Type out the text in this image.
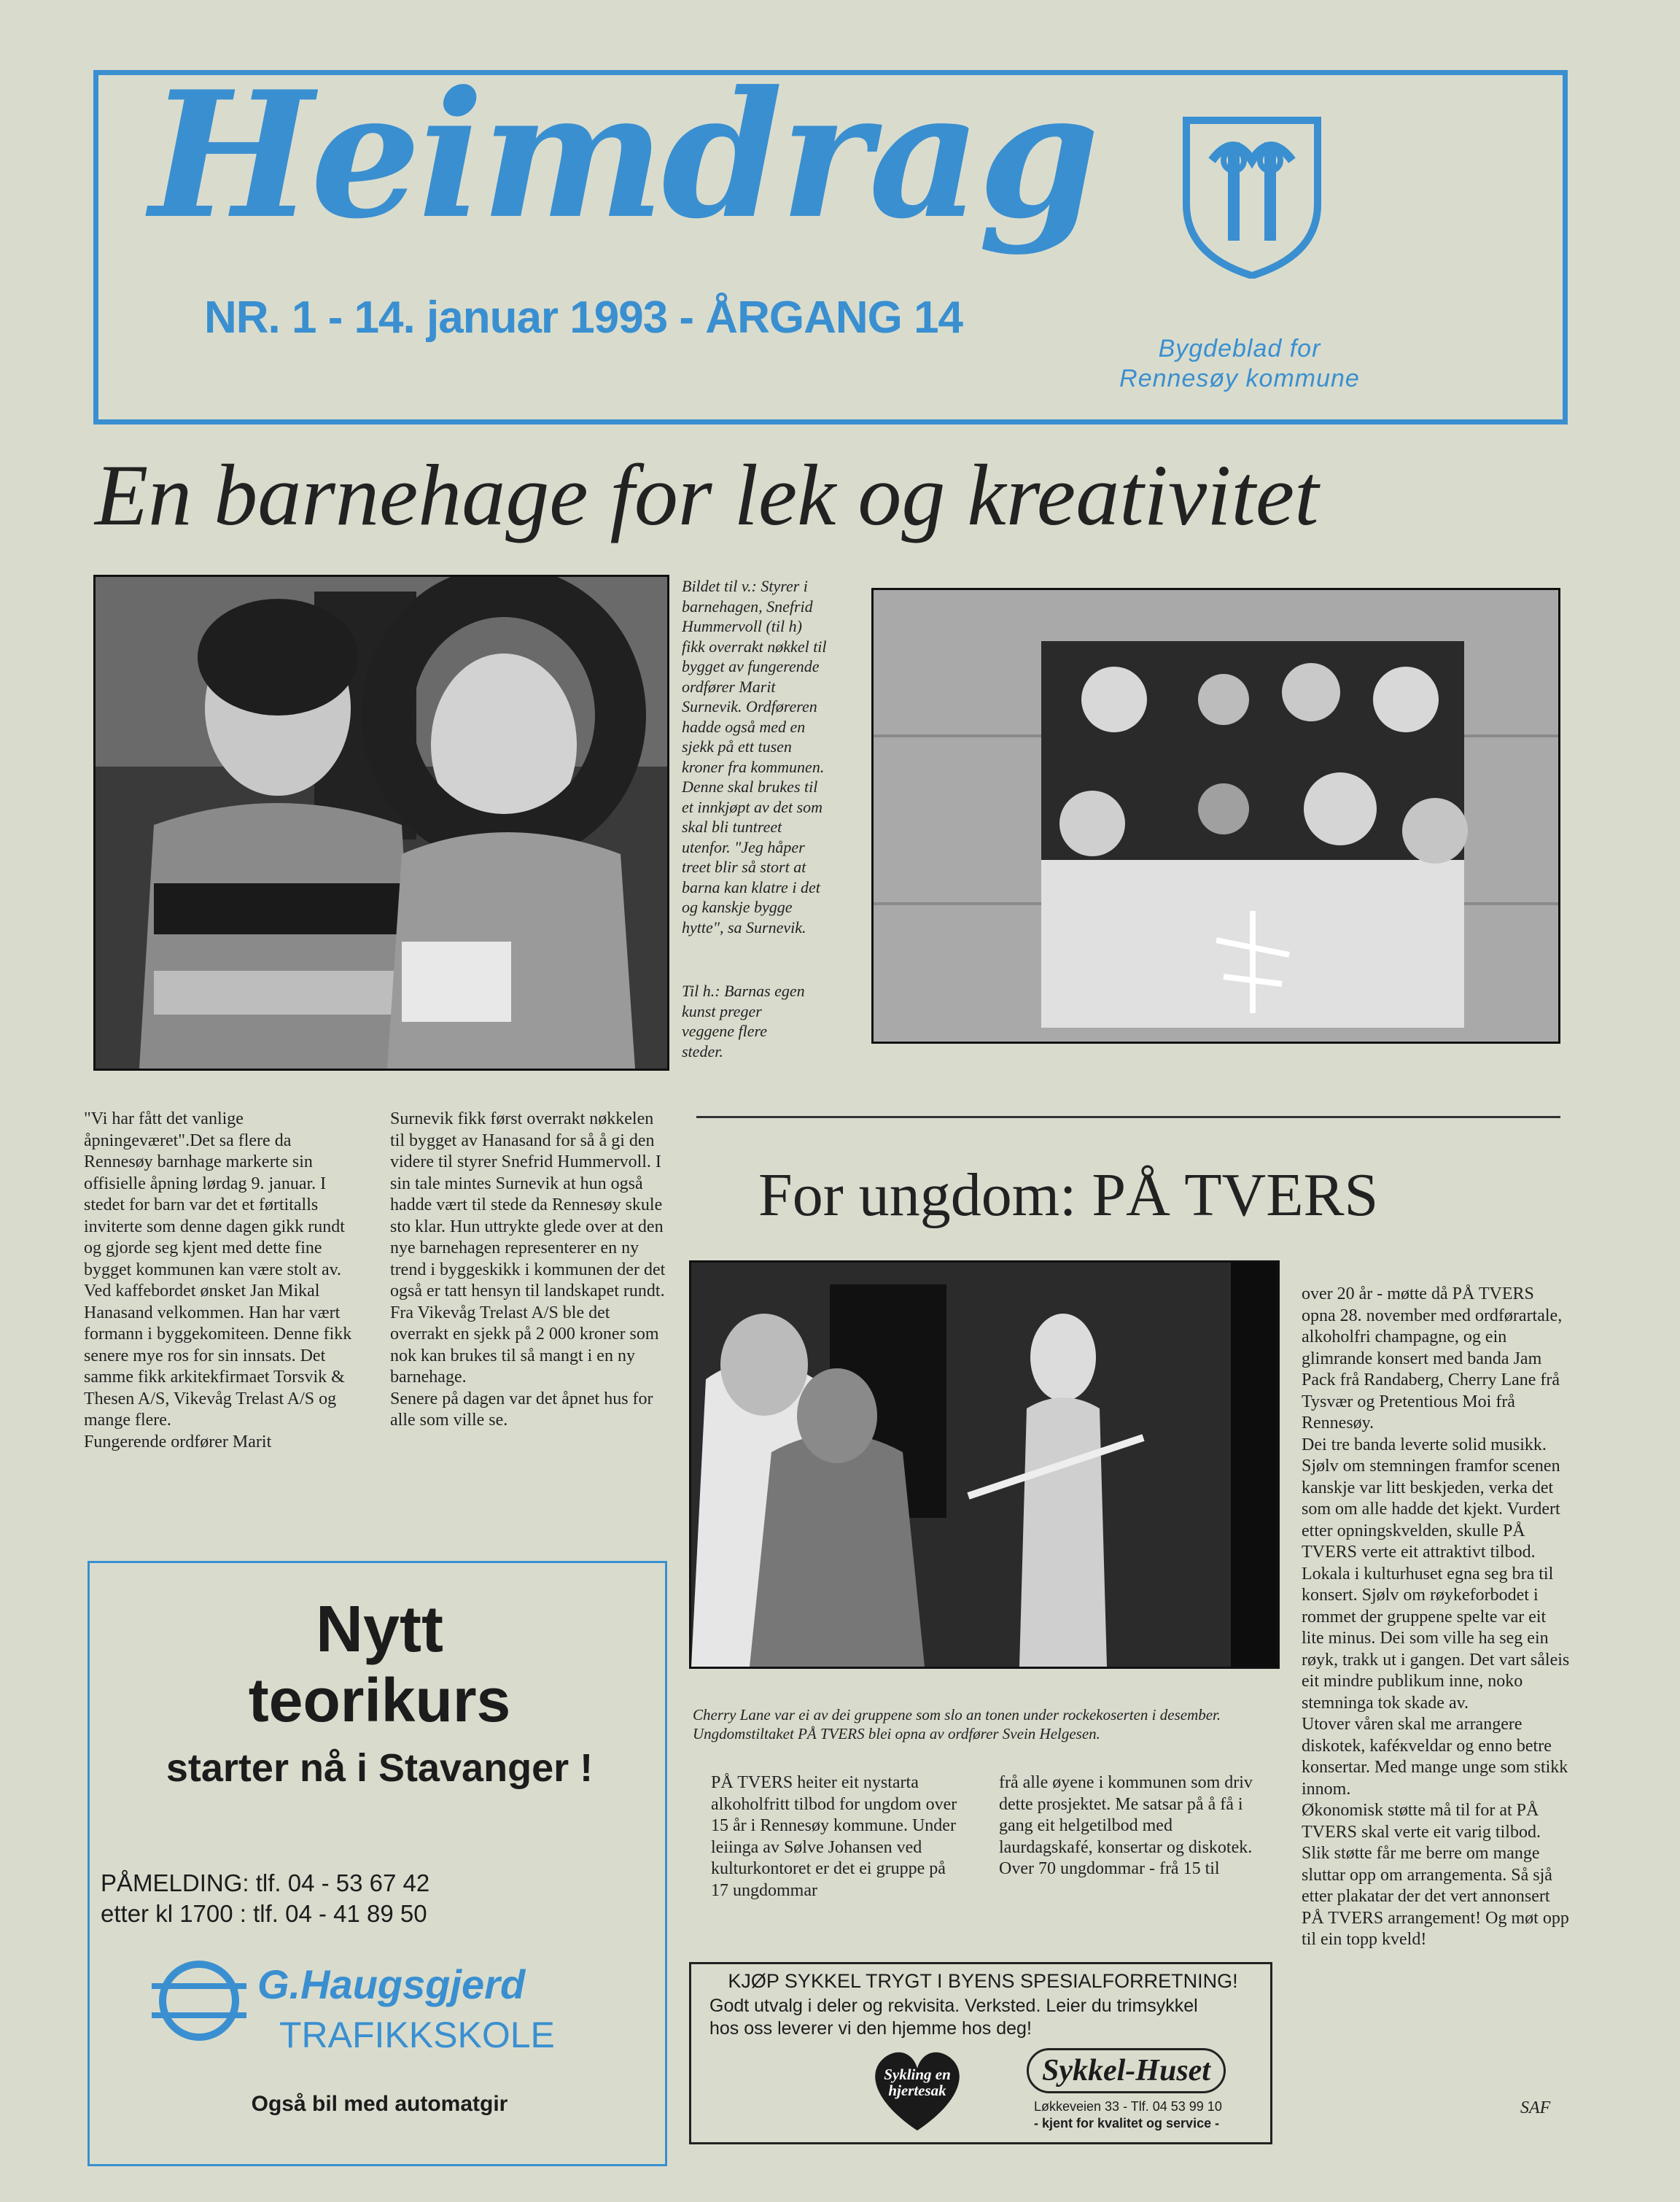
Heimdrag
NR. 1 - 14. januar 1993 - ÅRGANG 14
Bygdeblad for
Rennesøy kommune
En barnehage for lek og kreativitet
Bildet til v.: Styrer i barnehagen, Snefrid Hummervoll (til h) fikk overrakt nøkkel til bygget av fungerende ordfører Marit Surnevik. Ordføreren hadde også med en sjekk på ett tusen kroner fra kommunen. Denne skal brukes til et innkjøpt av det som skal bli tuntreet utenfor. "Jeg håper treet blir så stort at barna kan klatre i det og kanskje bygge hytte", sa Surnevik.
Til h.: Barnas egen kunst preger veggene flere steder.
"Vi har fått det vanlige åpningeværet".Det sa flere da Rennesøy barnhage markerte sin offisielle åpning lørdag 9. januar. I stedet for barn var det et førtitalls inviterte som denne dagen gikk rundt og gjorde seg kjent med dette fine bygget kommunen kan være stolt av.
Ved kaffebordet ønsket Jan Mikal Hanasand velkommen. Han har vært formann i byggekomiteen. Denne fikk senere mye ros for sin innsats. Det samme fikk arkitekfirmaet Torsvik & Thesen A/S, Vikevåg Trelast A/S og mange flere.
Fungerende ordfører Marit
Surnevik fikk først overrakt nøkkelen til bygget av Hanasand for så å gi den videre til styrer Snefrid Hummervoll. I sin tale mintes Surnevik at hun også hadde vært til stede da Rennesøy skule sto klar. Hun uttrykte glede over at den nye barnehagen representerer en ny trend i byggeskikk i kommunen der det også er tatt hensyn til landskapet rundt.
Fra Vikevåg Trelast A/S ble det overrakt en sjekk på 2 000 kroner som nok kan brukes til så mangt i en ny barnehage.
Senere på dagen var det åpnet hus for alle som ville se.
For ungdom: PÅ TVERS
Cherry Lane var ei av dei gruppene som slo an tonen under rockekoserten i desember. Ungdomstiltaket PÅ TVERS blei opna av ordfører Svein Helgesen.
PÅ TVERS heiter eit nystarta alkoholfritt tilbod for ungdom over 15 år i Rennesøy kommune. Under leiinga av Sølve Johansen ved kulturkontoret er det ei gruppe på 17 ungdommar
frå alle øyene i kommunen som driv dette prosjektet. Me satsar på å få i gang eit helgetilbod med laurdagskafé, konsertar og diskotek.
Over 70 ungdommar - frå 15 til
over 20 år - møtte då PÅ TVERS opna 28. november med ordførartale, alkoholfri champagne, og ein glimrande konsert med banda Jam Pack frå Randaberg, Cherry Lane frå Tysvær og Pretentious Moi frå Rennesøy.
Dei tre banda leverte solid musikk. Sjølv om stemningen framfor scenen kanskje var litt beskjeden, verka det som om alle hadde det kjekt. Vurdert etter opningskvelden, skulle PÅ TVERS verte eit attraktivt tilbod.
Lokala i kulturhuset egna seg bra til konsert. Sjølv om røykeforbodet i rommet der gruppene spelte var eit lite minus. Dei som ville ha seg ein røyk, trakk ut i gangen. Det vart såleis eit mindre publikum inne, noko stemninga tok skade av.
Utover våren skal me arrangere diskotek, kaféкveldar og enno betre konsertar. Med mange unge som stikk innom.
Økonomisk støtte må til for at PÅ TVERS skal verte eit varig tilbod. Slik støtte får me berre om mange sluttar opp om arrangementa. Så sjå etter plakatar der det vert annonsert PÅ TVERS arrangement! Og møt opp til ein topp kveld!
SAF
Nytt
teorikurs
starter nå i Stavanger !
PÅMELDING: tlf. 04 - 53 67 42
etter kl 1700 : tlf. 04 - 41 89 50
G.Haugsgjerd
TRAFIKKSKOLE
Også bil med automatgir
KJØP SYKKEL TRYGT I BYENS SPESIALFORRETNING!
Godt utvalg i deler og rekvisita. Verksted. Leier du trimsykkel hos oss leverer vi den hjemme hos deg!
Sykling en hjertesak
Sykkel-Huset
Løkkeveien 33 - Tlf. 04 53 99 10
- kjent for kvalitet og service -
